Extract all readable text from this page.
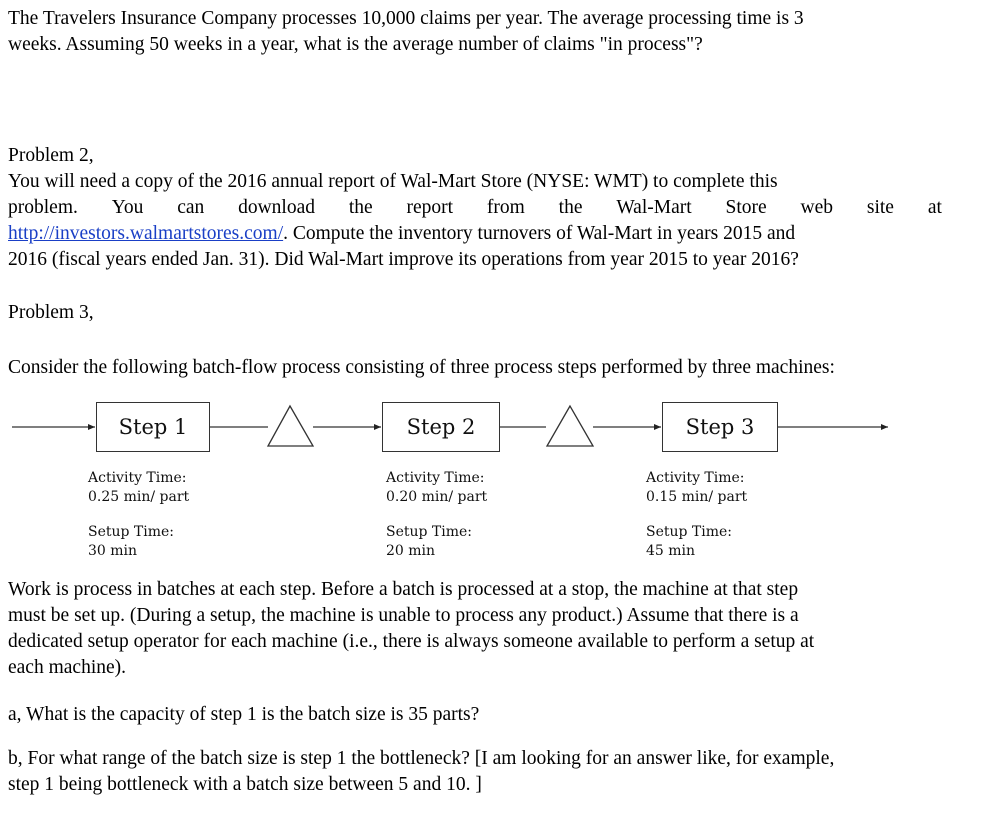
The Travelers Insurance Company processes 10,000 claims per year. The average processing time is 3
weeks. Assuming 50 weeks in a year, what is the average number of claims "in process"?
Problem 2,
You will need a copy of the 2016 annual report of Wal-Mart Store (NYSE: WMT) to complete this
problem. You can download the report from the Wal-Mart Store web site at
http://investors.walmartstores.com/. Compute the inventory turnovers of Wal-Mart in years 2015 and
2016 (fiscal years ended Jan. 31). Did Wal-Mart improve its operations from year 2015 to year 2016?
Problem 3,
Consider the following batch-flow process consisting of three process steps performed by three machines:
Step 1	Step 2	Step 3
Activity Time:
0.25 min/ part
Setup Time:
30 min
Activity Time:
0.20 min/ part
Setup Time:
20 min
Activity Time:
0.15 min/ part
Setup Time:
45 min
Work is process in batches at each step. Before a batch is processed at a stop, the machine at that step
must be set up. (During a setup, the machine is unable to process any product.) Assume that there is a
dedicated setup operator for each machine (i.e., there is always someone available to perform a setup at
each machine).
a, What is the capacity of step 1 is the batch size is 35 parts?
b, For what range of the batch size is step 1 the bottleneck? [I am looking for an answer like, for example,
step 1 being bottleneck with a batch size between 5 and 10. ]
